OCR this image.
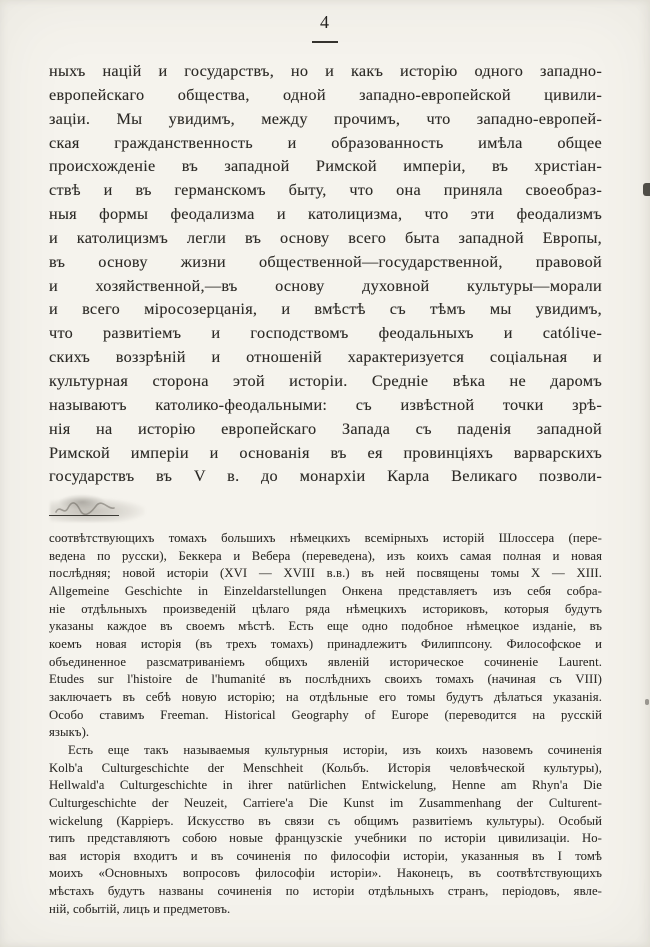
4
ныхъ націй и государствъ, но и какъ исторію одного западно-
европейскаго общества, одной западно-европейской цивили-
заціи. Мы увидимъ, между прочимъ, что западно-европей-
ская гражданственность и образованность имѣла общее
происхожденіе въ западной Римской имперіи, въ христіан-
ствѣ и въ германскомъ быту, что она приняла своеобраз-
ныя формы феодализма и католицизма, что эти феодализмъ
и католицизмъ легли въ основу всего быта западной Европы,
въ основу жизни общественной—государственной, правовой
и хозяйственной,—въ основу духовной культуры—морали
и всего міросозерцанія, и вмѣстѣ съ тѣмъ мы увидимъ,
что развитіемъ и господствомъ феодальныхъ и católiче-
скихъ воззрѣній и отношеній характеризуется соціальная и
культурная сторона этой исторіи. Средніе вѣка не даромъ
называютъ католико-феодальными: съ извѣстной точки зрѣ-
нія на исторію европейскаго Запада съ паденія западной
Римской имперіи и основанія въ ея провинціяхъ варварскихъ
государствъ въ V в. до монархіи Карла Великаго позволи-
соотвѣтствующихъ томахъ большихъ нѣмецкихъ всемірныхъ исторій Шлоссера (пере-
ведена по русски), Беккера и Вебера (переведена), изъ коихъ самая полная и новая
послѣдняя; новой исторіи (XVI — XVIII в.в.) въ ней посвящены томы X — XIII.
Allgemeine Geschichte in Einzeldarstellungen Онкена представляетъ изъ себя собра-
ніе отдѣльныхъ произведеній цѣлаго ряда нѣмецкихъ историковъ, которыя будутъ
указаны каждое въ своемъ мѣстѣ. Есть еще одно подобное нѣмецкое изданіе, въ
коемъ новая исторія (въ трехъ томахъ) принадлежитъ Филиппсону. Философское и
объединенное разсматриваніемъ общихъ явленій историческое сочиненіе Laurent.
Etudes sur l'histoire de l'humanité въ послѣднихъ своихъ томахъ (начиная съ VIII)
заключаетъ въ себѣ новую исторію; на отдѣльные его томы будутъ дѣлаться указанія.
Особо ставимъ Freeman. Historical Geography of Europe (переводится на русскій
языкъ).
Есть еще такъ называемыя культурныя исторіи, изъ коихъ назовемъ сочиненія
Kolb'а Culturgeschichte der Menschheit (Кольбъ. Исторія человѣческой культуры),
Hellwald'а Culturgeschichte in ihrer natürlichen Entwickelung, Henne am Rhyn'а Die
Culturgeschichte der Neuzeit, Carriere'а Die Kunst im Zusammenhang der Culturent-
wickelung (Карріеръ. Искусство въ связи съ общимъ развитіемъ культуры). Особый
типъ представляютъ собою новые французскіе учебники по исторіи цивилизаціи. Но-
вая исторія входитъ и въ сочиненія по философіи исторіи, указанныя въ I томѣ
моихъ «Основныхъ вопросовъ философіи исторіи». Наконецъ, въ соотвѣтствующихъ
мѣстахъ будутъ названы сочиненія по исторіи отдѣльныхъ странъ, періодовъ, явле-
ній, событій, лицъ и предметовъ.
